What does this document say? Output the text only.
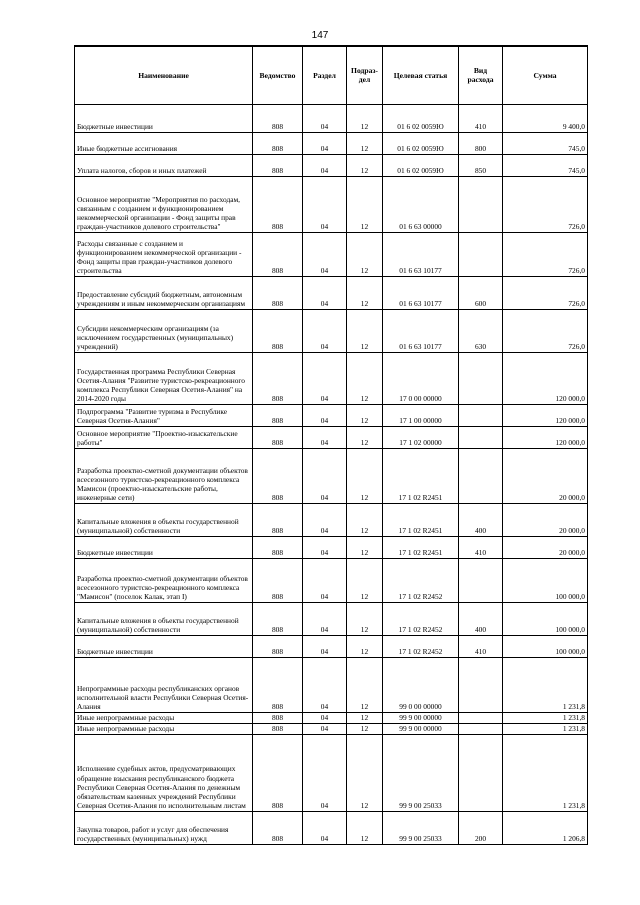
147
Наименование	Ведомство	Раздел	Подраз-дел	Целевая статья	Вид расхода	Сумма
Бюджетные инвестиции	808	04	12	01 6 02 0059Ю	410	9 400,0
Иные бюджетные ассигнования	808	04	12	01 6 02 0059Ю	800	745,0
Уплата налогов, сборов и иных платежей	808	04	12	01 6 02 0059Ю	850	745,0
Основное мероприятие "Мероприятия по расходам, связанным с созданием и функционированием некоммерческой организации - Фонд защиты прав граждан-участников долевого строительства"	808	04	12	01 6 63 00000		726,0
Расходы связанные с созданием и функционированием некоммерческой организации - Фонд защиты прав граждан-участников долевого строительства	808	04	12	01 6 63 10177		726,0
Предоставление субсидий бюджетным, автономным учреждениям и иным некоммерческим организациям	808	04	12	01 6 63 10177	600	726,0
Субсидии некоммерческим организациям (за исключением государственных (муниципальных) учреждений)	808	04	12	01 6 63 10177	630	726,0
Государственная программа Республики Северная Осетия-Алания "Развитие туристско-рекреационного комплекса Республики Северная Осетия-Алания" на 2014-2020 годы	808	04	12	17 0 00 00000		120 000,0
Подпрограмма "Развитие туризма в Республике Северная Осетия-Алания"	808	04	12	17 1 00 00000		120 000,0
Основное мероприятие "Проектно-изыскательские работы"	808	04	12	17 1 02 00000		120 000,0
Разработка проектно-сметной документации объектов всесезонного туристско-рекреационного комплекса Мамисон (проектно-изыскательские работы, инженерные сети)	808	04	12	17 1 02 R2451		20 000,0
Капитальные вложения в объекты государственной (муниципальной) собственности	808	04	12	17 1 02 R2451	400	20 000,0
Бюджетные инвестиции	808	04	12	17 1 02 R2451	410	20 000,0
Разработка проектно-сметной документации объектов всесезонного туристско-рекреационного комплекса "Мамисон" (поселок Калак, этап I)	808	04	12	17 1 02 R2452		100 000,0
Капитальные вложения в объекты государственной (муниципальной) собственности	808	04	12	17 1 02 R2452	400	100 000,0
Бюджетные инвестиции	808	04	12	17 1 02 R2452	410	100 000,0
Непрограммные расходы республиканских органов исполнительной власти Республики Северная Осетия-Алания	808	04	12	99 0 00 00000		1 231,8
Иные непрограммные расходы	808	04	12	99 9 00 00000		1 231,8
Иные непрограммные расходы	808	04	12	99 9 00 00000		1 231,8
Исполнение судебных актов, предусматривающих обращение взыскания республиканского бюджета Республики Северная Осетия-Алания по денежным обязательствам казенных учреждений Республики Северная Осетия-Алания по исполнительным листам	808	04	12	99 9 00 25033		1 231,8
Закупка товаров, работ и услуг для обеспечения государственных (муниципальных) нужд	808	04	12	99 9 00 25033	200	1 206,8
